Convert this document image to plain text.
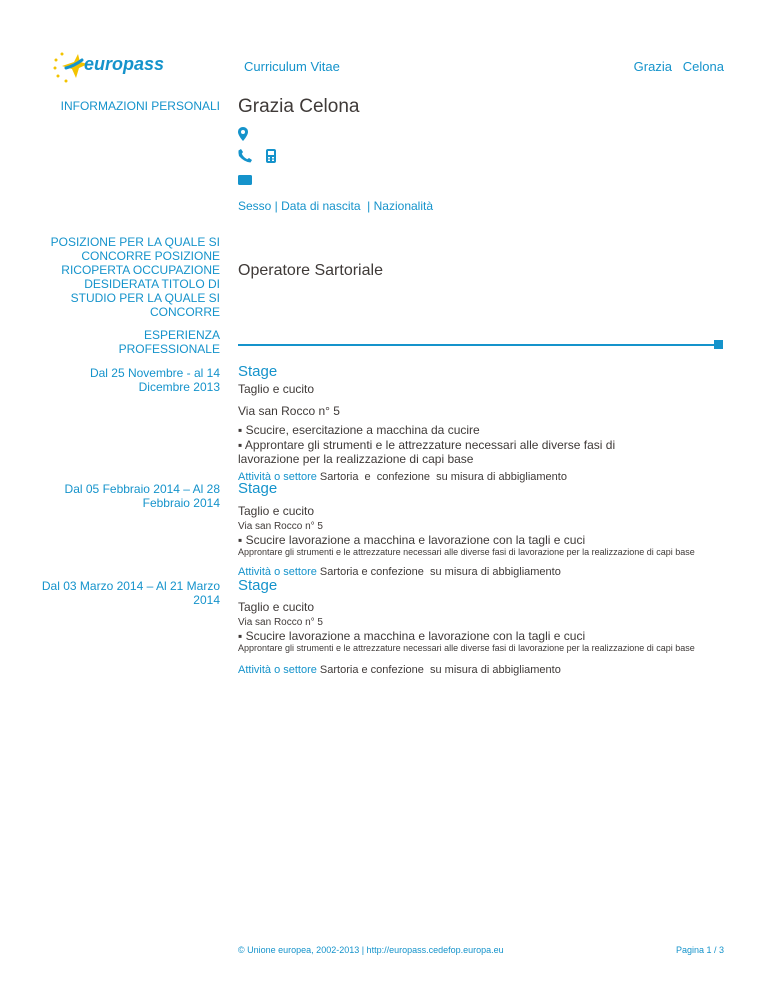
europass	Curriculum Vitae	Grazia   Celona
INFORMAZIONI PERSONALI Grazia Celona

Sesso | Data di nascita  | Nazionalità
POSIZIONE PER LA QUALE SI CONCORRE POSIZIONE RICOPERTA OCCUPAZIONE DESIDERATA TITOLO DI STUDIO PER LA QUALE SI CONCORRE
Operatore Sartoriale
ESPERIENZA PROFESSIONALE
Dal 25 Novembre - al 14 Dicembre 2013
Stage
Taglio e cucito
Via san Rocco n° 5
▪ Scucire, esercitazione a macchina da cucire
▪ Approntare gli strumenti e le attrezzature necessari alle diverse fasi di lavorazione per la realizzazione di capi base
Attività o settore Sartoria  e  confezione  su misura di abbigliamento
Dal 05 Febbraio 2014 – Al 28 Febbraio 2014
Stage
Taglio e cucito
Via san Rocco n° 5
▪ Scucire lavorazione a macchina e lavorazione con la tagli e cuci
Approntare gli strumenti e le attrezzature necessari alle diverse fasi di lavorazione per la realizzazione di capi base
Attività o settore Sartoria e confezione  su misura di abbigliamento
Dal 03 Marzo 2014 – Al 21 Marzo 2014
Stage
Taglio e cucito
Via san Rocco n° 5
▪ Scucire lavorazione a macchina e lavorazione con la tagli e cuci
Approntare gli strumenti e le attrezzature necessari alle diverse fasi di lavorazione per la realizzazione di capi base
Attività o settore Sartoria e confezione  su misura di abbigliamento
© Unione europea, 2002-2013 | http://europass.cedefop.europa.eu	Pagina 1 / 3
